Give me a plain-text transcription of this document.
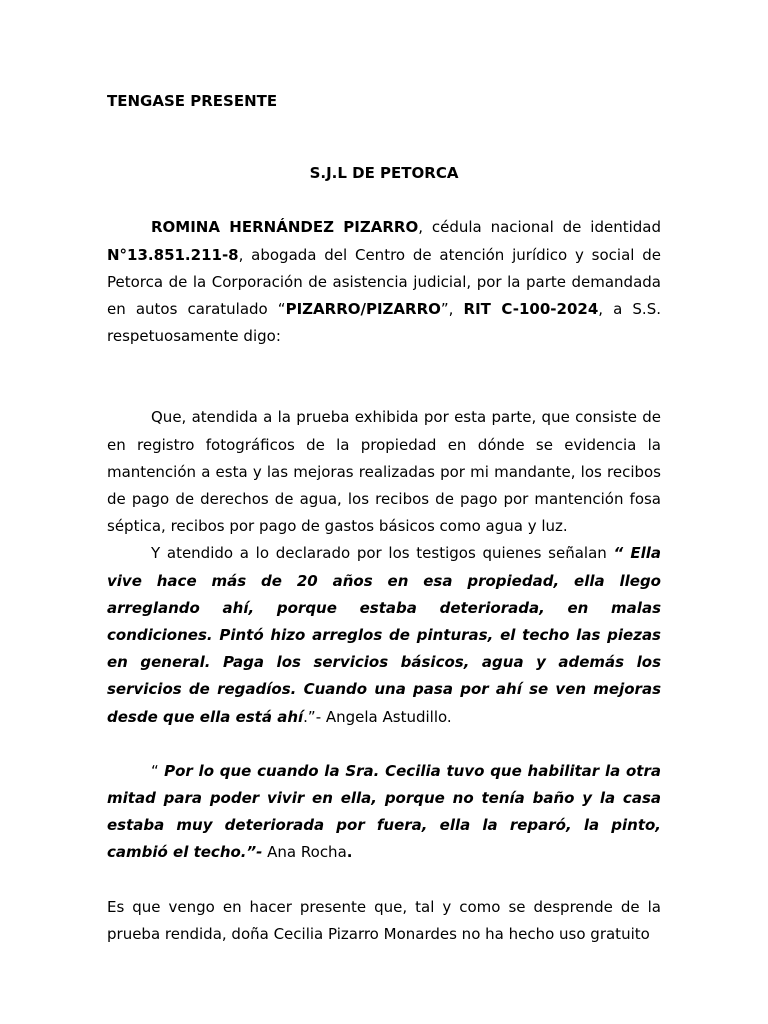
TENGASE PRESENTE

S.J.L DE PETORCA

ROMINA HERNÁNDEZ PIZARRO, cédula nacional de identidad N°13.851.211-8, abogada del Centro de atención jurídico y social de Petorca de la Corporación de asistencia judicial, por la parte demandada en autos caratulado “PIZARRO/PIZARRO”, RIT C-100-2024, a S.S. respetuosamente digo:

Que, atendida a la prueba exhibida por esta parte, que consiste de en registro fotográficos de la propiedad en dónde se evidencia la mantención a esta y las mejoras realizadas por mi mandante, los recibos de pago de derechos de agua, los recibos de pago por mantención fosa séptica, recibos por pago de gastos básicos como agua y luz.

Y atendido a lo declarado por los testigos quienes señalan “ Ella vive hace más de 20 años en esa propiedad, ella llego arreglando ahí, porque estaba deteriorada, en malas condiciones. Pintó hizo arreglos de pinturas, el techo las piezas en general. Paga los servicios básicos, agua y además los servicios de regadíos. Cuando una pasa por ahí se ven mejoras desde que ella está ahí.”- Angela Astudillo.

“ Por lo que cuando la Sra. Cecilia tuvo que habilitar la otra mitad para poder vivir en ella, porque no tenía baño y la casa estaba muy deteriorada por fuera, ella la reparó, la pinto, cambió el techo.”- Ana Rocha.

Es que vengo en hacer presente que, tal y como se desprende de la prueba rendida, doña Cecilia Pizarro Monardes no ha hecho uso gratuito
